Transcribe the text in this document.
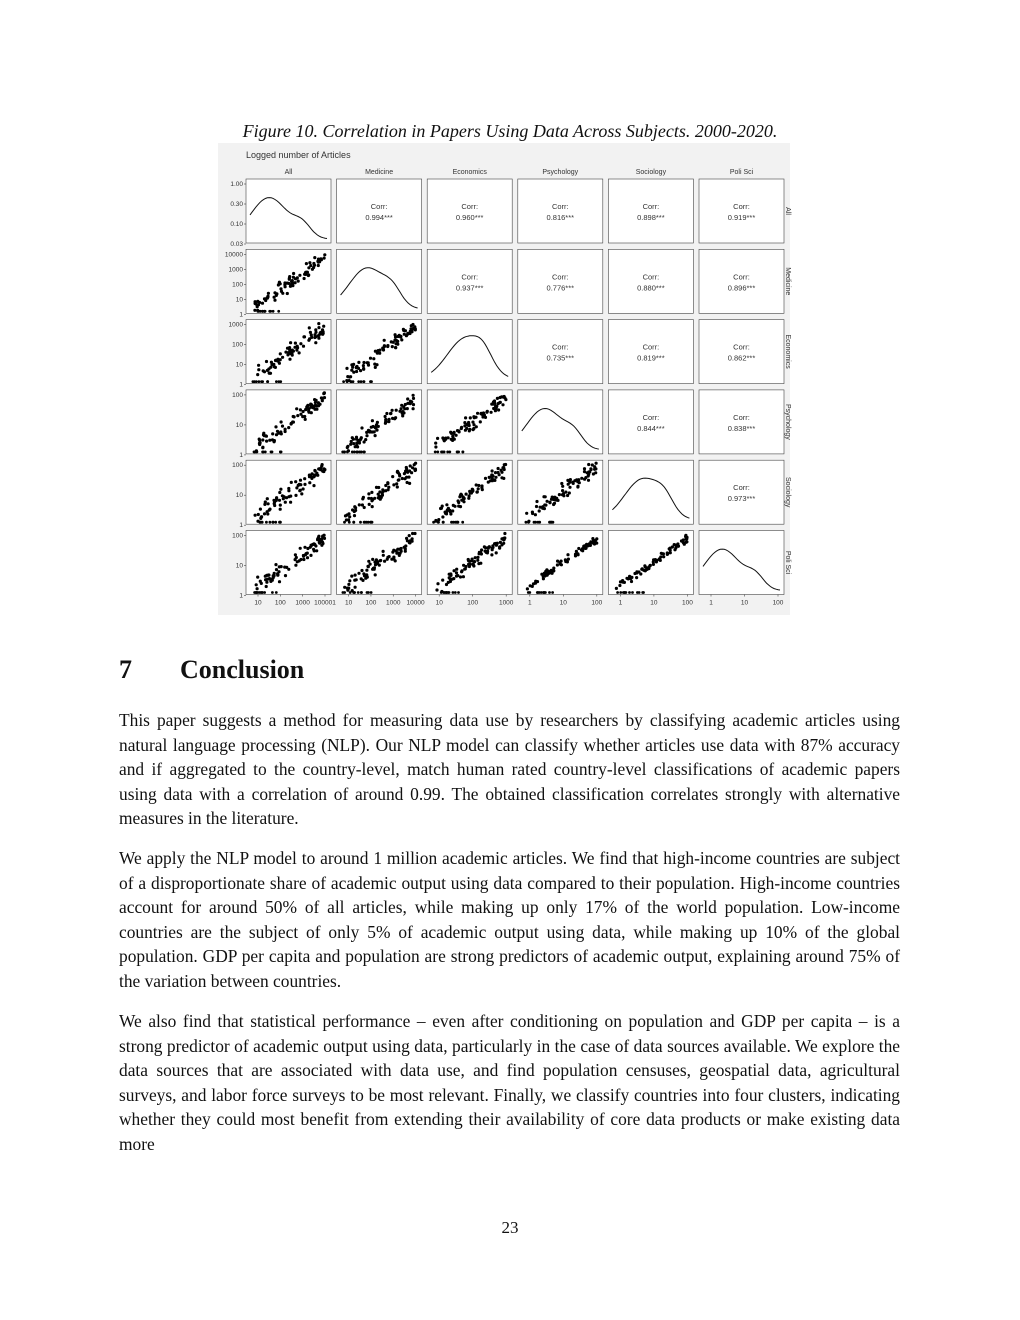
Figure 10. Correlation in Papers Using Data Across Subjects. 2000-2020.
Logged number of Articles
All
All
Medicine
Medicine
Economics
Economics
Psychology
Psychology
Sociology
Sociology
Poli Sci
Poli Sci
Corr:
0.994***
Corr:
0.960***
Corr:
0.816***
Corr:
0.898***
Corr:
0.919***
Corr:
0.937***
Corr:
0.776***
Corr:
0.880***
Corr:
0.896***
Corr:
0.735***
Corr:
0.819***
Corr:
0.862***
Corr:
0.844***
Corr:
0.838***
Corr:
0.973***
1.00
0.30
0.10
0.03
10000
1000
100
10
1
1000
100
10
1
100
10
1
100
10
1
100
10
1
10 100 1000 100001 10 100 1000 10000 10	100	1000 1	10	100	1	10	100	1	10	100
7 Conclusion

This paper suggests a method for measuring data use by researchers by classifying academic articles using natural language processing (NLP). Our NLP model can classify whether articles use data with 87% accuracy and if aggregated to the country-level, match human rated country-level classifications of academic papers using data with a correlation of around 0.99. The obtained classification correlates strongly with alternative measures in the literature.

We apply the NLP model to around 1 million academic articles. We find that high-income countries are subject of a disproportionate share of academic output using data compared to their population. High-income countries account for around 50% of all articles, while making up only 17% of the world population. Low-income countries are the subject of only 5% of academic output using data, while making up 10% of the global population. GDP per capita and population are strong predictors of academic output, explaining around 75% of the variation between countries.

We also find that statistical performance – even after conditioning on population and GDP per capita – is a strong predictor of academic output using data, particularly in the case of data sources available. We explore the data sources that are associated with data use, and find population censuses, geospatial data, agricultural surveys, and labor force surveys to be most relevant. Finally, we classify countries into four clusters, indicating whether they could most benefit from extending their availability of core data products or make existing data more

23
